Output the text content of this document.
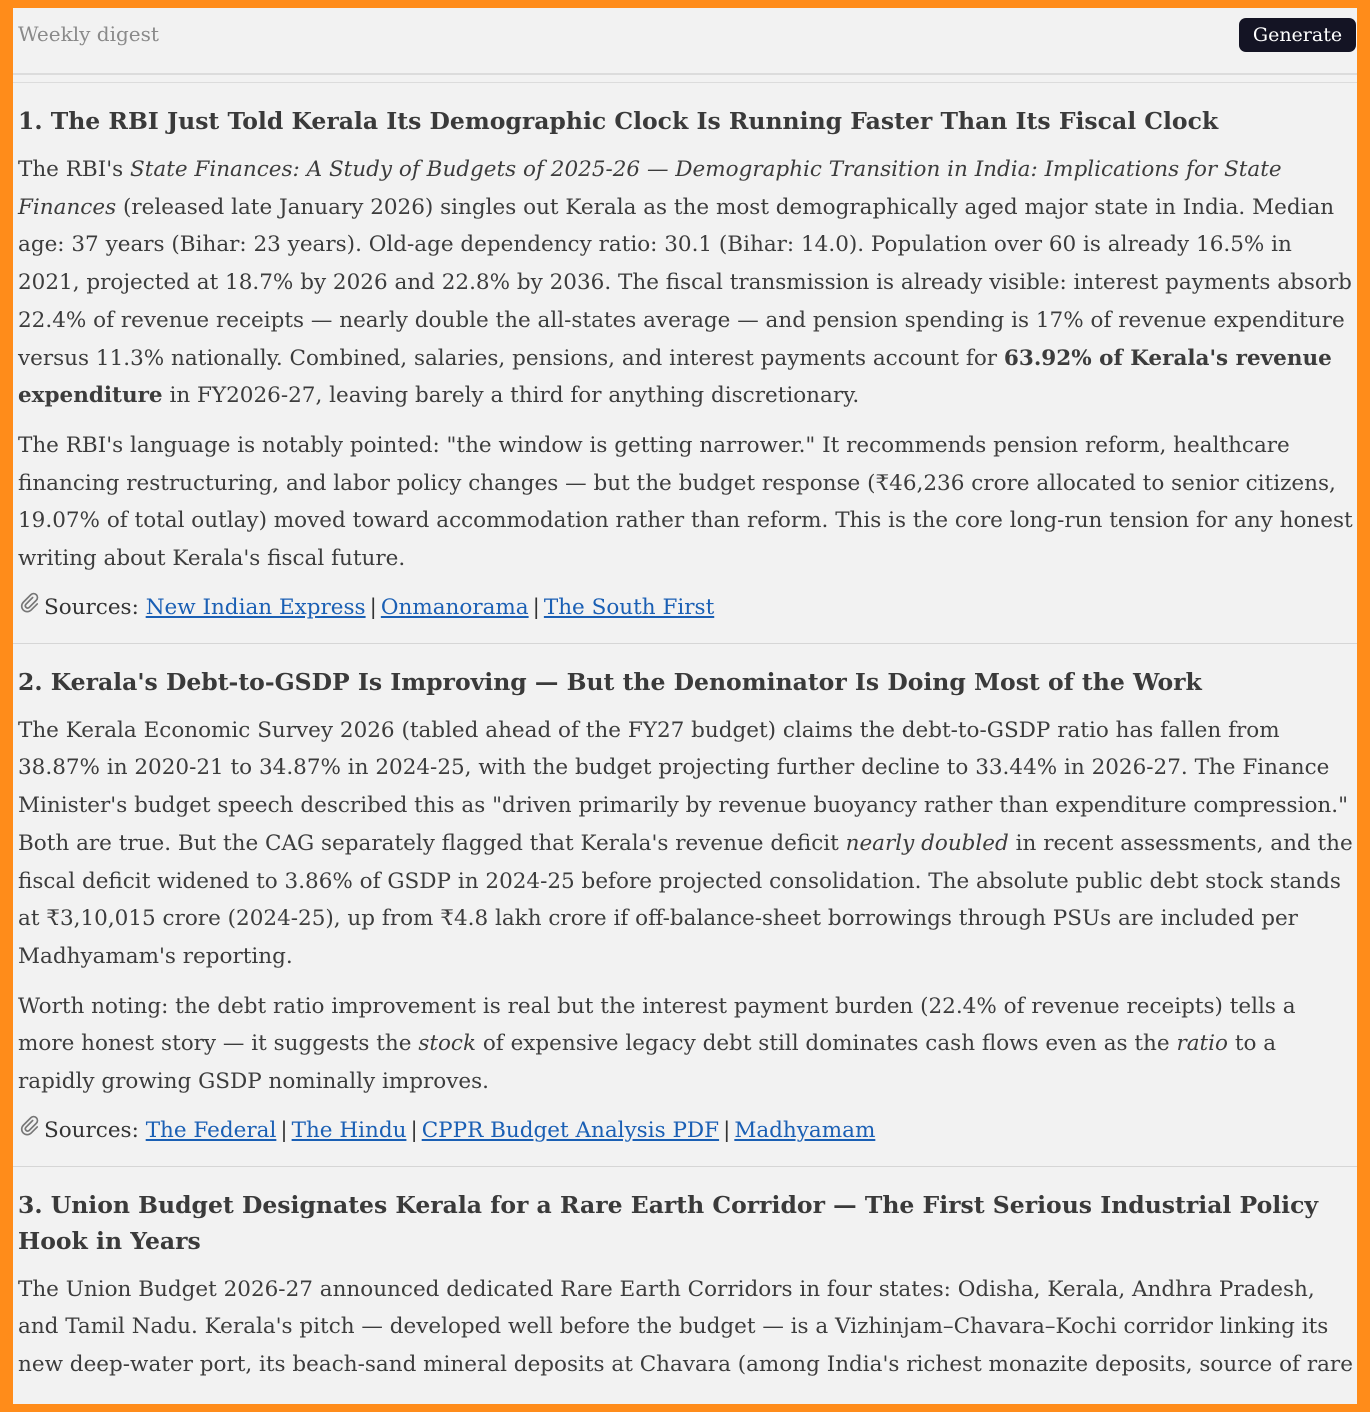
Weekly digest	Generate
1. The RBI Just Told Kerala Its Demographic Clock Is Running Faster Than Its Fiscal Clock

The RBI's State Finances: A Study of Budgets of 2025-26 — Demographic Transition in India: Implications for State Finances (released late January 2026) singles out Kerala as the most demographically aged major state in India. Median age: 37 years (Bihar: 23 years). Old-age dependency ratio: 30.1 (Bihar: 14.0). Population over 60 is already 16.5% in 2021, projected at 18.7% by 2026 and 22.8% by 2036. The fiscal transmission is already visible: interest payments absorb 22.4% of revenue receipts — nearly double the all-states average — and pension spending is 17% of revenue expenditure versus 11.3% nationally. Combined, salaries, pensions, and interest payments account for 63.92% of Kerala's revenue expenditure in FY2026-27, leaving barely a third for anything discretionary.

The RBI's language is notably pointed: "the window is getting narrower." It recommends pension reform, healthcare financing restructuring, and labor policy changes — but the budget response (₹46,236 crore allocated to senior citizens, 19.07% of total outlay) moved toward accommodation rather than reform. This is the core long-run tension for any honest writing about Kerala's fiscal future.

Sources: New Indian Express | Onmanorama | The South First
2. Kerala's Debt-to-GSDP Is Improving — But the Denominator Is Doing Most of the Work

The Kerala Economic Survey 2026 (tabled ahead of the FY27 budget) claims the debt-to-GSDP ratio has fallen from 38.87% in 2020-21 to 34.87% in 2024-25, with the budget projecting further decline to 33.44% in 2026-27. The Finance Minister's budget speech described this as "driven primarily by revenue buoyancy rather than expenditure compression." Both are true. But the CAG separately flagged that Kerala's revenue deficit nearly doubled in recent assessments, and the fiscal deficit widened to 3.86% of GSDP in 2024-25 before projected consolidation. The absolute public debt stock stands at ₹3,10,015 crore (2024-25), up from ₹4.8 lakh crore if off-balance-sheet borrowings through PSUs are included per Madhyamam's reporting.

Worth noting: the debt ratio improvement is real but the interest payment burden (22.4% of revenue receipts) tells a more honest story — it suggests the stock of expensive legacy debt still dominates cash flows even as the ratio to a rapidly growing GSDP nominally improves.

Sources: The Federal | The Hindu | CPPR Budget Analysis PDF | Madhyamam
3. Union Budget Designates Kerala for a Rare Earth Corridor — The First Serious Industrial Policy Hook in Years

The Union Budget 2026-27 announced dedicated Rare Earth Corridors in four states: Odisha, Kerala, Andhra Pradesh, and Tamil Nadu. Kerala's pitch — developed well before the budget — is a Vizhinjam–Chavara–Kochi corridor linking its new deep-water port, its beach-sand mineral deposits at Chavara (among India's richest monazite deposits, source of rare
